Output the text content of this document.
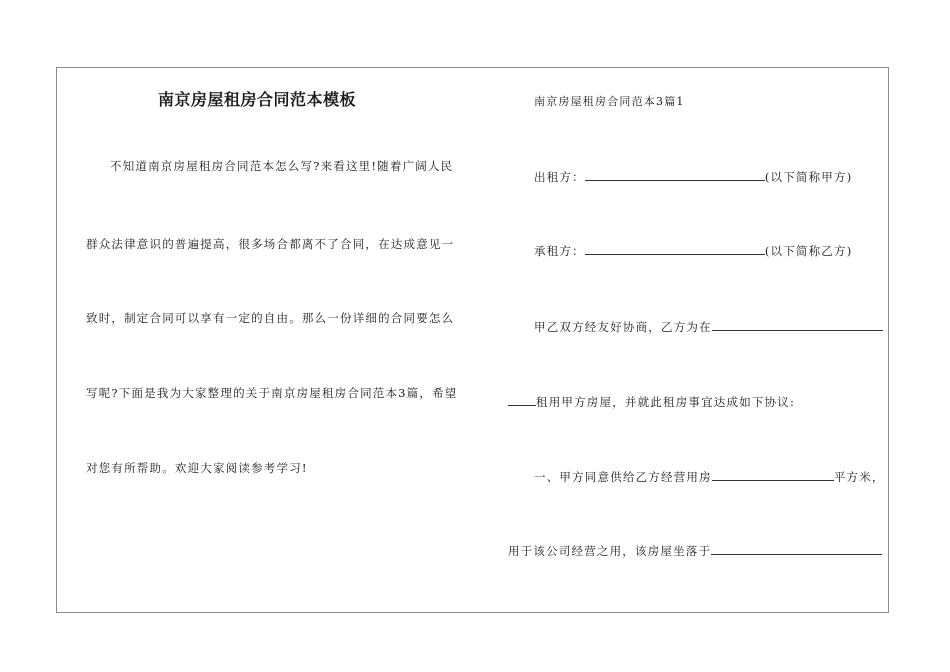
南京房屋租房合同范本模板
不知道南京房屋租房合同范本怎么写?来看这里!随着广阔人民
群众法律意识的普遍提高，很多场合都离不了合同，在达成意见一
致时，制定合同可以享有一定的自由。那么一份详细的合同要怎么
写呢?下面是我为大家整理的关于南京房屋租房合同范本3篇，希望
对您有所帮助。欢迎大家阅读参考学习!
南京房屋租房合同范本3篇1
出租方：	(以下简称甲方)
承租方：	(以下简称乙方)
甲乙双方经友好协商，乙方为在
租用甲方房屋，并就此租房事宜达成如下协议:
一、甲方同意供给乙方经营用房	平方米，
用于该公司经营之用，该房屋坐落于
